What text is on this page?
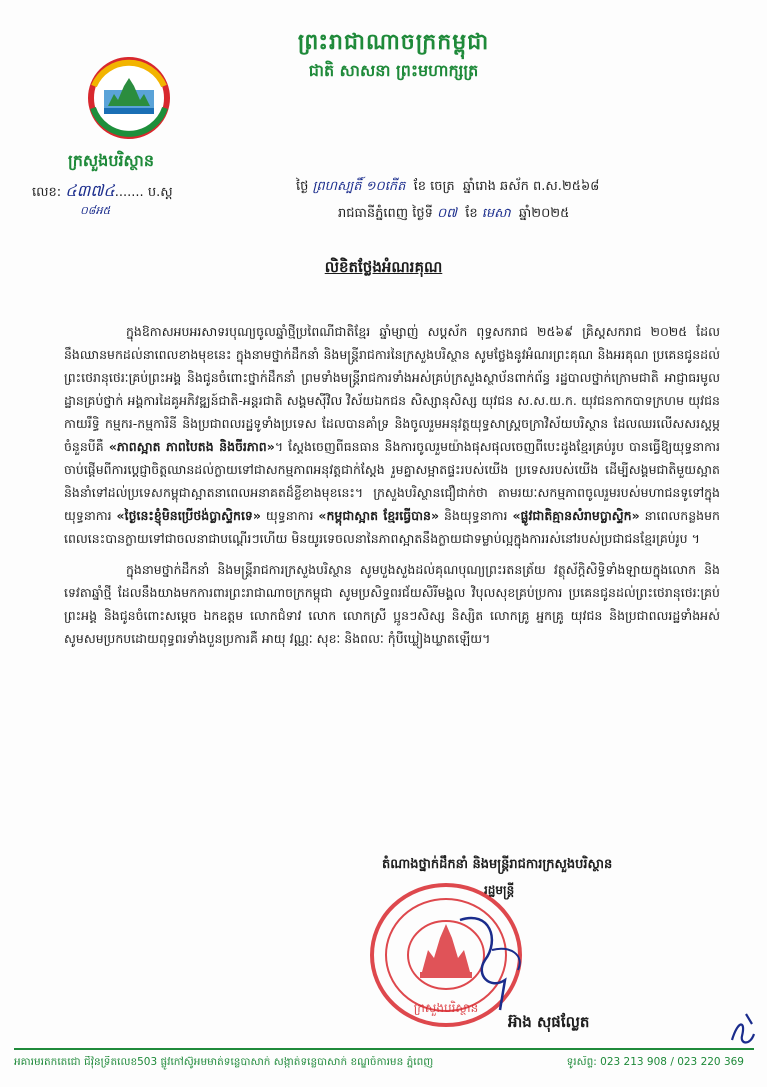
ព្រះរាជាណាចក្រកម្ពុជា
ជាតិ សាសនា ព្រះមហាក្សត្រ
ក្រសួងបរិស្ថាន
លេខ: ៤៣៧៤....... ប.ស្ត
០៨អ៥
ថ្ងៃ ព្រហស្បតិ៍ ១០កើត ខែ ចេត្រ ឆ្នាំរោង ឆស័ក ព.ស.២៥៦៨
រាជធានីភ្នំពេញ ថ្ងៃទី ០៧ ខែ មេសា ឆ្នាំ២០២៥
លិខិតថ្លែងអំណរគុណ

ក្នុងឱកាសអបអរសាទរបុណ្យចូលឆ្នាំថ្មីប្រពៃណីជាតិខ្មែរ ឆ្នាំម្សាញ់ សប្តស័ក ពុទ្ធសករាជ ២៥៦៩ គ្រិស្តសករាជ ២០២៥ ដែលនឹងឈានមកដល់នាពេលខាងមុខនេះ ក្នុងនាមថ្នាក់ដឹកនាំ និងមន្ត្រីរាជការនៃក្រសួងបរិស្ថាន សូមថ្លែងនូវអំណរព្រះគុណ និងអរគុណ ប្រគេនជូនដល់ព្រះថេរានុថេរៈគ្រប់ព្រះអង្គ និងជូនចំពោះថ្នាក់ដឹកនាំ ព្រមទាំងមន្ត្រីរាជការទាំងអស់គ្រប់ក្រសួងស្ថាប័នពាក់ព័ន្ធ រដ្ឋបាលថ្នាក់ក្រោមជាតិ អាជ្ញាធរមូលដ្ឋានគ្រប់ថ្នាក់ អង្គការដៃគូអភិវឌ្ឍន៍ជាតិ-អន្តរជាតិ សង្គមស៊ីវិល វិស័យឯកជន សិស្សានុសិស្ស យុវជន ស.ស.យ.ក. យុវជនកាកបាទក្រហម យុវជនកាយរឹទ្ធិ កម្មករ-កម្មការិនី និងប្រជាពលរដ្ឋទូទាំងប្រទេស ដែលបានគាំទ្រ និងចូលរួមអនុវត្តយុទ្ធសាស្ត្រចក្រាវិស័យបរិស្ថាន ដែលឈរលើសសរស្តម្ភចំនួនបីគឺ «ភាពស្អាត ភាពបៃតង និងចីរភាព»។ ស្តែងចេញពីធនធាន និងការចូលរួមយ៉ាងផុសផុលចេញពីបេះដូងខ្មែរគ្រប់រូប បានធ្វើឱ្យយុទ្ធនាការចាប់ផ្តើមពីការប្តេជ្ញាចិត្តឈានដល់ក្លាយទៅជាសកម្មភាពអនុវត្តជាក់ស្តែង រួមគ្នាសម្អាតផ្ទះរបស់យើង ប្រទេសរបស់យើង ដើម្បីសង្គមជាតិមួយស្អាត និងនាំទៅដល់ប្រទេសកម្ពុជាស្អាតនាពេលអនាគតដ៏ខ្លីខាងមុខនេះ។ ក្រសួងបរិស្ថានជឿជាក់ថា តាមរយៈសកម្មភាពចូលរួមរបស់មហាជនទូទៅក្នុងយុទ្ធនាការ «ថ្ងៃនេះខ្ញុំមិនប្រើថង់ប្លាស្ទិកទេ» យុទ្ធនាការ «កម្ពុជាស្អាត ខ្មែរធ្វើបាន» និងយុទ្ធនាការ «ផ្លូវជាតិគ្មានសំរាមប្លាស្ទិក» នាពេលកន្លងមក ពេលនេះបានក្លាយទៅជាចលនាជាបណ្តើរៗហើយ មិនយូរទេចលនានៃភាពស្អាតនឹងក្លាយជាទម្លាប់ល្អក្នុងការរស់នៅរបស់ប្រជាជនខ្មែរគ្រប់រូប ។

ក្នុងនាមថ្នាក់ដឹកនាំ និងមន្ត្រីរាជការក្រសួងបរិស្ថាន សូមបួងសួងដល់គុណបុណ្យព្រះរតនត្រ័យ វត្ថុស័ក្តិសិទ្ធិទាំងឡាយក្នុងលោក និងទេវតាឆ្នាំថ្មី ដែលនឹងយាងមកការពារព្រះរាជាណាចក្រកម្ពុជា សូមប្រសិទ្ធពរជ័យសិរីមង្គល វិបុលសុខគ្រប់ប្រការ ប្រគេនជូនដល់ព្រះថេរានុថេរៈគ្រប់ព្រះអង្គ និងជូនចំពោះសម្តេច ឯកឧត្តម លោកជំទាវ លោក លោកស្រី ប្អូនៗសិស្ស និស្សិត លោកគ្រូ អ្នកគ្រូ យុវជន និងប្រជាពលរដ្ឋទាំងអស់ សូមសមប្រកបដោយពុទ្ធពរទាំងបួនប្រការគឺ អាយុ វណ្ណៈ សុខៈ និងពលៈ កុំបីឃ្លៀងឃ្លាតឡើយ។

តំណាងថ្នាក់ដឹកនាំ និងមន្ត្រីរាជការក្រសួងបរិស្ថាន
រដ្ឋមន្ត្រី
ក្រសួងបរិស្ថាន
អ៊ាង សុផល្លែត
អគារមរតកតេជោ ជីវ៉ុនទ្រឹតលេខ503 ផ្លូវកៅស៊ូអមមាត់ទន្លេបាសាក់ សង្កាត់ទន្លេបាសាក់ ខណ្ឌចំការមន ភ្នំពេញ	ទូរស័ព្ទ: 023 213 908 / 023 220 369
